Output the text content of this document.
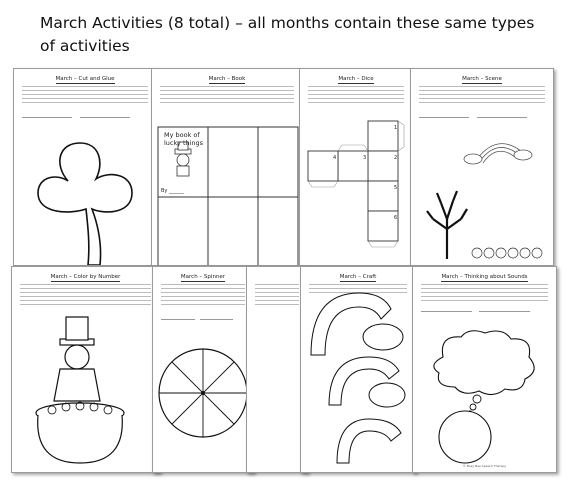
March Activities (8 total) – all months contain these same types
of activities
March – Cut and Glue	March – Book
My book of
lucky things
By ______
March – Dice
1
2
3
4
5
6
March – Scene
March – Color by Number	March – Spinner	March – Craft	March – Thinking about Sounds
© Busy Bee Speech Therapy
